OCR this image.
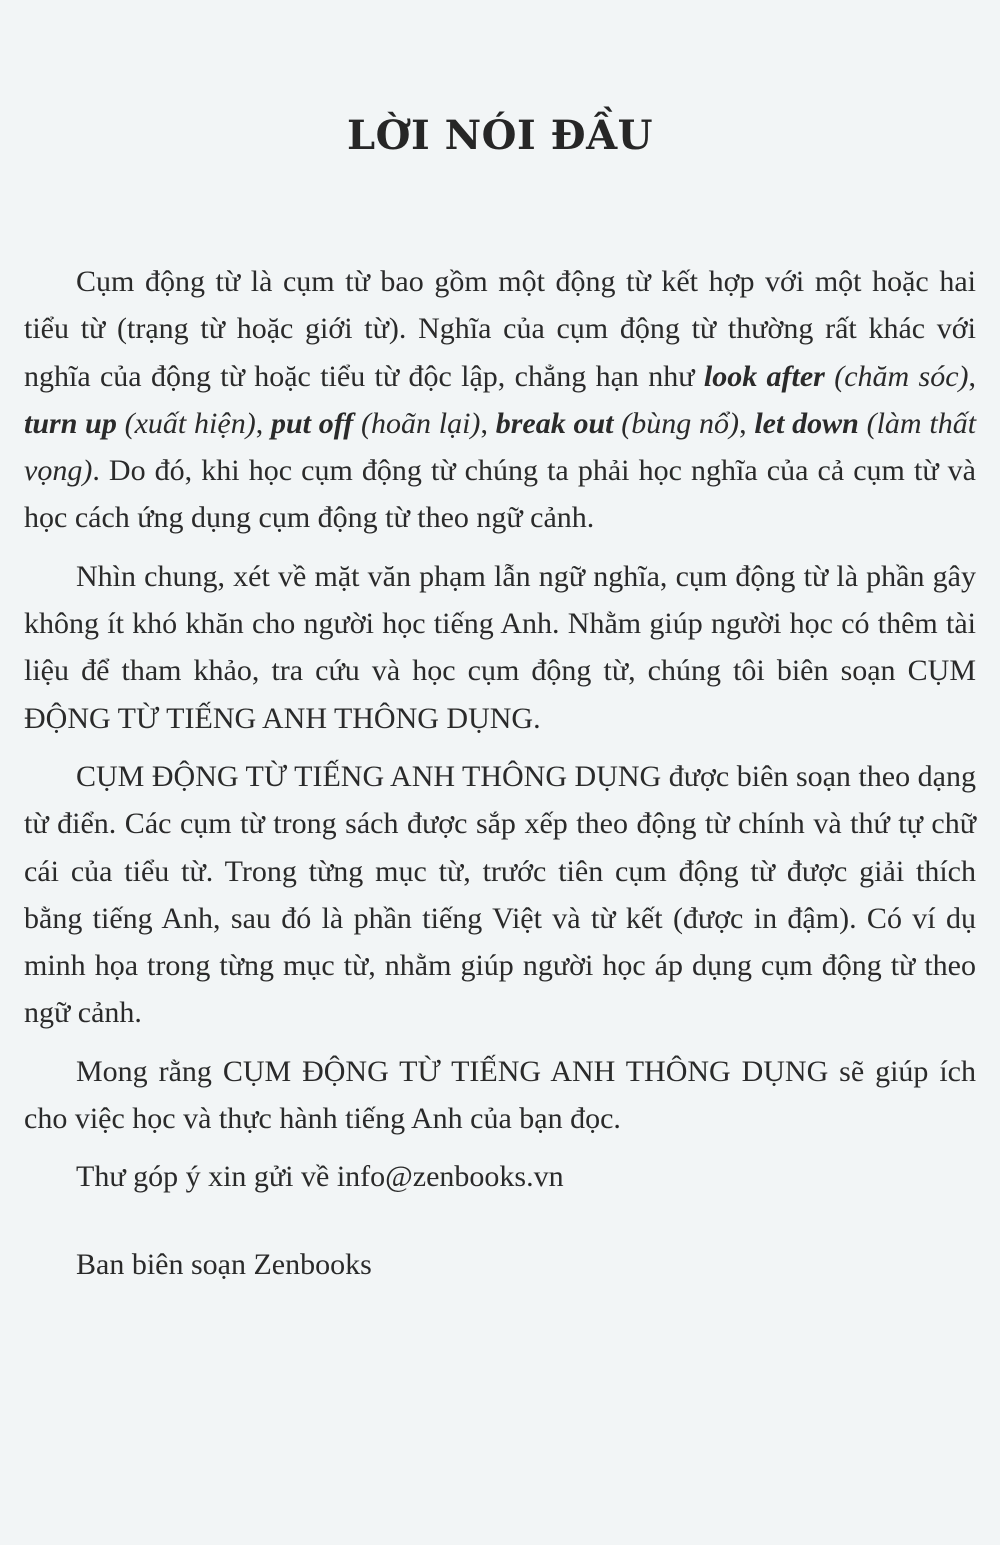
LỜI NÓI ĐẦU

Cụm động từ là cụm từ bao gồm một động từ kết hợp với một hoặc hai tiểu từ (trạng từ hoặc giới từ). Nghĩa của cụm động từ thường rất khác với nghĩa của động từ hoặc tiểu từ độc lập, chẳng hạn như look after (chăm sóc), turn up (xuất hiện), put off (hoãn lại), break out (bùng nổ), let down (làm thất vọng). Do đó, khi học cụm động từ chúng ta phải học nghĩa của cả cụm từ và học cách ứng dụng cụm động từ theo ngữ cảnh.

Nhìn chung, xét về mặt văn phạm lẫn ngữ nghĩa, cụm động từ là phần gây không ít khó khăn cho người học tiếng Anh. Nhằm giúp người học có thêm tài liệu để tham khảo, tra cứu và học cụm động từ, chúng tôi biên soạn CỤM ĐỘNG TỪ TIẾNG ANH THÔNG DỤNG.

CỤM ĐỘNG TỪ TIẾNG ANH THÔNG DỤNG được biên soạn theo dạng từ điển. Các cụm từ trong sách được sắp xếp theo động từ chính và thứ tự chữ cái của tiểu từ. Trong từng mục từ, trước tiên cụm động từ được giải thích bằng tiếng Anh, sau đó là phần tiếng Việt và từ kết (được in đậm). Có ví dụ minh họa trong từng mục từ, nhằm giúp người học áp dụng cụm động từ theo ngữ cảnh.

Mong rằng CỤM ĐỘNG TỪ TIẾNG ANH THÔNG DỤNG sẽ giúp ích cho việc học và thực hành tiếng Anh của bạn đọc.

Thư góp ý xin gửi về info@zenbooks.vn

Ban biên soạn Zenbooks
